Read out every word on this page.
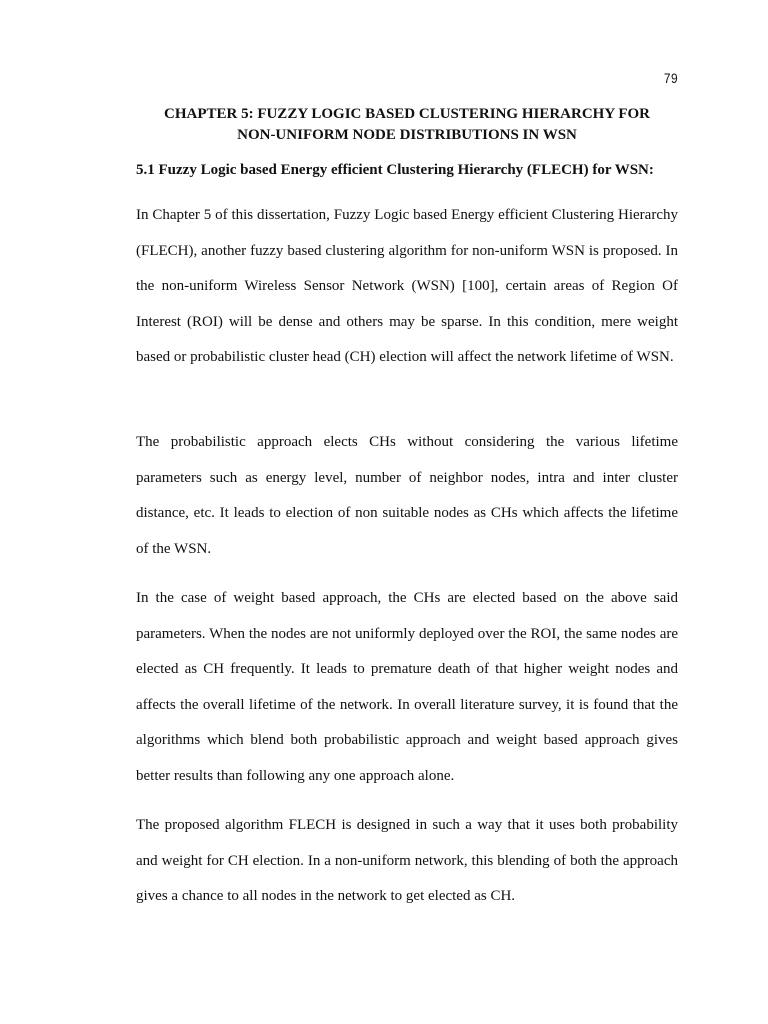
79
CHAPTER 5: FUZZY LOGIC BASED CLUSTERING HIERARCHY FOR
NON-UNIFORM NODE DISTRIBUTIONS IN WSN
5.1 Fuzzy Logic based Energy efficient Clustering Hierarchy (FLECH) for WSN:

In Chapter 5 of this dissertation, Fuzzy Logic based Energy efficient Clustering Hierarchy (FLECH), another fuzzy based clustering algorithm for non-uniform WSN is proposed. In the non-uniform Wireless Sensor Network (WSN) [100], certain areas of Region Of Interest (ROI) will be dense and others may be sparse. In this condition, mere weight based or probabilistic cluster head (CH) election will affect the network lifetime of WSN.

The probabilistic approach elects CHs without considering the various lifetime parameters such as energy level, number of neighbor nodes, intra and inter cluster distance, etc. It leads to election of non suitable nodes as CHs which affects the lifetime of the WSN.

In the case of weight based approach, the CHs are elected based on the above said parameters. When the nodes are not uniformly deployed over the ROI, the same nodes are elected as CH frequently. It leads to premature death of that higher weight nodes and affects the overall lifetime of the network. In overall literature survey, it is found that the algorithms which blend both probabilistic approach and weight based approach gives better results than following any one approach alone.

The proposed algorithm FLECH is designed in such a way that it uses both probability and weight for CH election. In a non-uniform network, this blending of both the approach gives a chance to all nodes in the network to get elected as CH.
